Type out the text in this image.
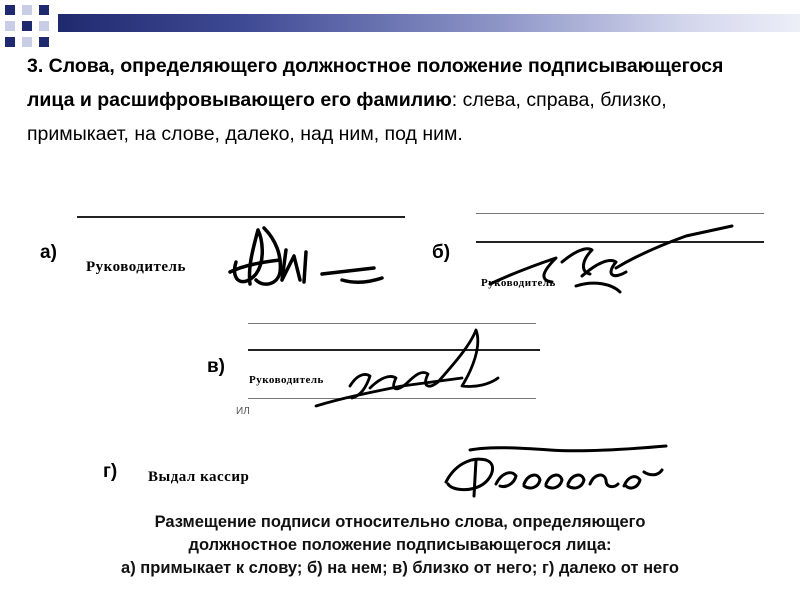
3. Слова, определяющего должностное положение подписывающегося лица и расшифровывающего его фамилию: слева, справа, близко, примыкает, на слове, далеко, над ним, под ним.
а)
Руководитель
б)
Руководитель
в)
Руководитель
ИЛ
г) Выдал кассир
Размещение подписи относительно слова, определяющего
должностное положение подписывающегося лица:
а) примыкает к слову; б) на нем; в) близко от него; г) далеко от него
